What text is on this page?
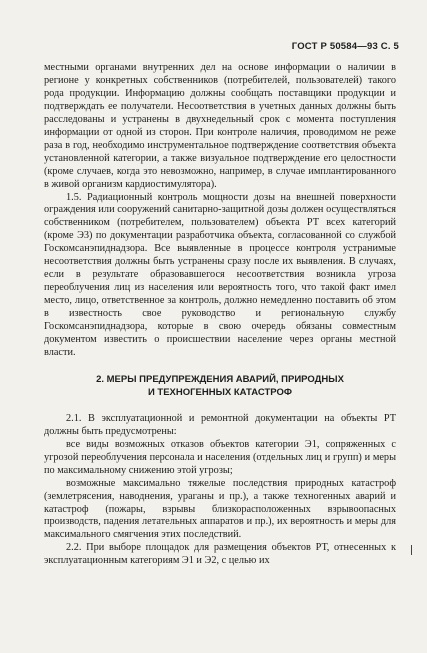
ГОСТ Р 50584—93 С. 5

местными органами внутренних дел на основе информации о наличии в регионе у конкретных собственников (потребителей, пользователей) такого рода продукции. Информацию должны сообщать поставщики продукции и подтверждать ее получатели. Несоответствия в учетных данных должны быть расследованы и устранены в двухнедельный срок с момента поступления информации от одной из сторон. При контроле наличия, проводимом не реже раза в год, необходимо инструментальное подтверждение соответствия объекта установленной категории, а также визуальное подтверждение его целостности (кроме случаев, когда это невозможно, например, в случае имплантированного в живой организм кардиостимулятора).

1.5. Радиационный контроль мощности дозы на внешней поверхности ограждения или сооружений санитарно-защитной дозы должен осуществляться собственником (потребителем, пользователем) объекта РТ всех категорий (кроме Э3) по документации разработчика объекта, согласованной со службой Госкомсанэпиднадзора. Все выявленные в процессе контроля устранимые несоответствия должны быть устранены сразу после их выявления. В случаях, если в результате образовавшегося несоответствия возникла угроза переоблучения лиц из населения или вероятность того, что такой факт имел место, лицо, ответственное за контроль, должно немедленно поставить об этом в известность свое руководство и региональную службу Госкомсанэпиднадзора, которые в свою очередь обязаны совместным документом известить о происшествии население через органы местной власти.

2. МЕРЫ ПРЕДУПРЕЖДЕНИЯ АВАРИЙ, ПРИРОДНЫХ
И ТЕХНОГЕННЫХ КАТАСТРОФ

2.1. В эксплуатационной и ремонтной документации на объекты РТ должны быть предусмотрены:

все виды возможных отказов объектов категории Э1, сопряженных с угрозой переоблучения персонала и населения (отдельных лиц и групп) и меры по максимальному снижению этой угрозы;

возможные максимально тяжелые последствия природных катастроф (землетрясения, наводнения, ураганы и пр.), а также техногенных аварий и катастроф (пожары, взрывы близкорасположенных взрывоопасных производств, падения летательных аппаратов и пр.), их вероятность и меры для максимального смягчения этих последствий.

2.2. При выборе площадок для размещения объектов РТ, отнесенных к эксплуатационным категориям Э1 и Э2, с целью их
